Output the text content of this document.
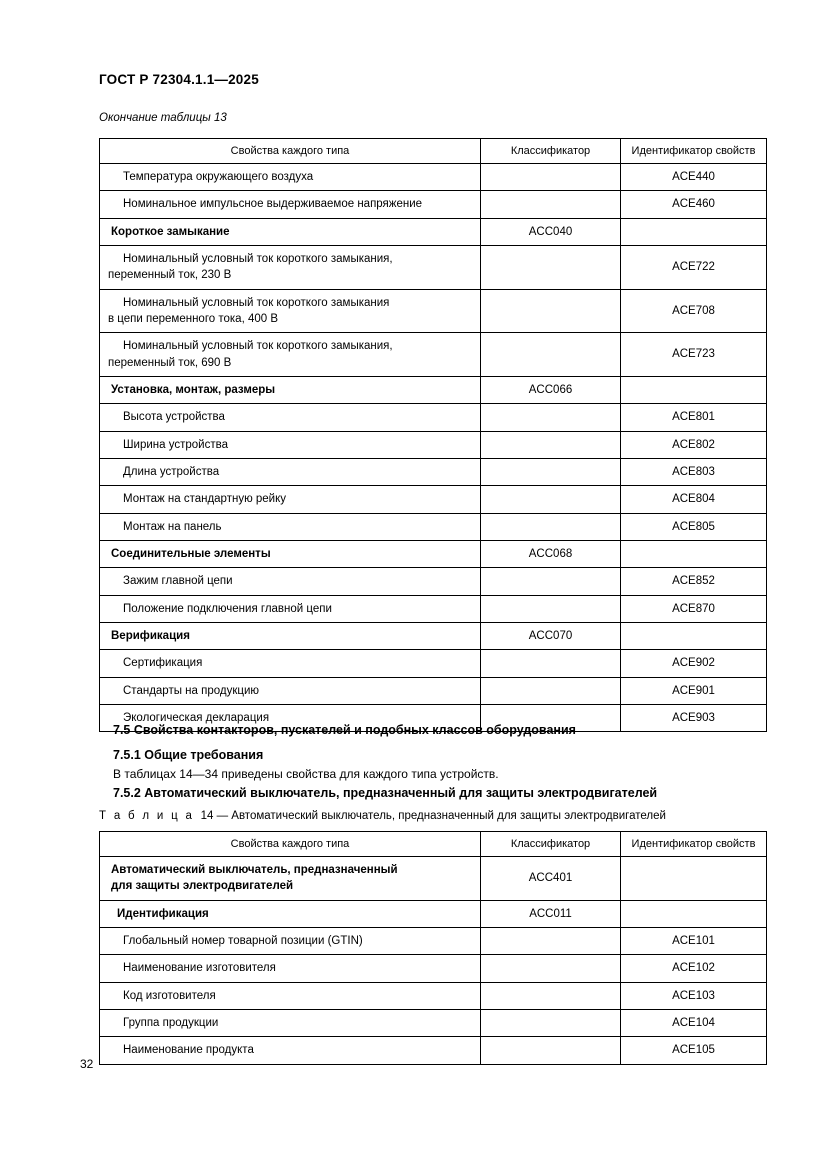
ГОСТ Р 72304.1.1—2025
Окончание таблицы 13
Свойства каждого типа	Классификатор	Идентификатор свойств

Температура окружающего воздуха		ACE440

Номинальное импульсное выдерживаемое напряжение		ACE460

Короткое замыкание	ACC040	

Номинальный условный ток короткого замыкания,
переменный ток, 230 В		ACE722

Номинальный условный ток короткого замыкания
в цепи переменного тока, 400 В		ACE708

Номинальный условный ток короткого замыкания,
переменный ток, 690 В		ACE723

Установка, монтаж, размеры	ACC066	

Высота устройства		ACE801

Ширина устройства		ACE802

Длина устройства		ACE803

Монтаж на стандартную рейку		ACE804

Монтаж на панель		ACE805

Соединительные элементы	ACC068	

Зажим главной цепи		ACE852

Положение подключения главной цепи		ACE870

Верификация	ACC070	

Сертификация		ACE902

Стандарты на продукцию		ACE901

Экологическая декларация		ACE903
7.5 Свойства контакторов, пускателей и подобных классов оборудования
7.5.1 Общие требования
В таблицах 14—34 приведены свойства для каждого типа устройств.
7.5.2 Автоматический выключатель, предназначенный для защиты электродвигателей
Т а б л и ц а 14 — Автоматический выключатель, предназначенный для защиты электродвигателей
Свойства каждого типа	Классификатор	Идентификатор свойств

Автоматический выключатель, предназначенный
для защиты электродвигателей	ACC401	

Идентификация	ACC011	

Глобальный номер товарной позиции (GTIN)		ACE101

Наименование изготовителя		ACE102

Код изготовителя		ACE103

Группа продукции		ACE104

Наименование продукта		ACE105
32
